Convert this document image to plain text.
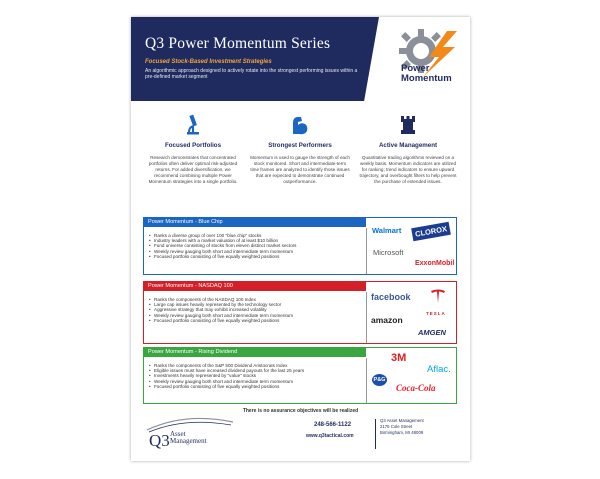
Q3 Power Momentum Series
Focused Stock-Based Investment Strategies
An algorithmic approach designed to actively rotate into the strongest performing issues within a pre-defined market segment
Power
Momentum
Focused Portfolios
Research demonstrates that concentrated portfolios often deliver optimal risk-adjusted returns. For added diversification, we recommend combining multiple Power Momentum strategies into a single portfolio.
Strongest Performers
Momentum is used to gauge the strength of each stock monitored. Short and intermediate-term time frames are analyzed to identify those issues that are expected to demonstrate continued outperformance.
Active Management
Quantitative trading algorithms reviewed on a weekly basis. Momentum indicators are utilized for ranking; trend indicators to ensure upward trajectory, and overbought filters to help prevent the purchase of extended issues.
Power Momentum - Blue Chip
• Ranks a diverse group of over 100 "blue chip" stocks
• Industry leaders with a market valuation of at least $10 billion
• Fund universe consisting of stocks from eleven distinct market sectors
• Weekly review gauging both short and intermediate term momentum
• Focused portfolio consisting of five equally weighted positions
Walmart	CLOROX
Microsoft
ExxonMobil
Power Momentum - NASDAQ 100
• Ranks the components of the NASDAQ 100 Index
• Large cap issues heavily represented by the technology sector
• Aggressive strategy that may exhibit increased volatility
• Weekly review gauging both short and intermediate term momentum
• Focused portfolio consisting of five equally weighted positions
facebook
TESLA
amazon
AMGEN
Power Momentum - Rising Dividend
• Ranks the components of the S&P 500 Dividend Aristocrats Index
• Eligible issues must have increased dividend payouts for the last 25 years
• Investments heavily represented by "value" stocks
• Weekly review gauging both short and intermediate term momentum
• Focused portfolio consisting of five equally weighted positions
3M
Aflac.
P&G
Coca-Cola
There is no assurance objectives will be realized
Q3 Asset
Management
248-566-1122
www.q3tactical.com
Q3 Asset Management
2175 Cole Street
Birmingham, MI 48009
